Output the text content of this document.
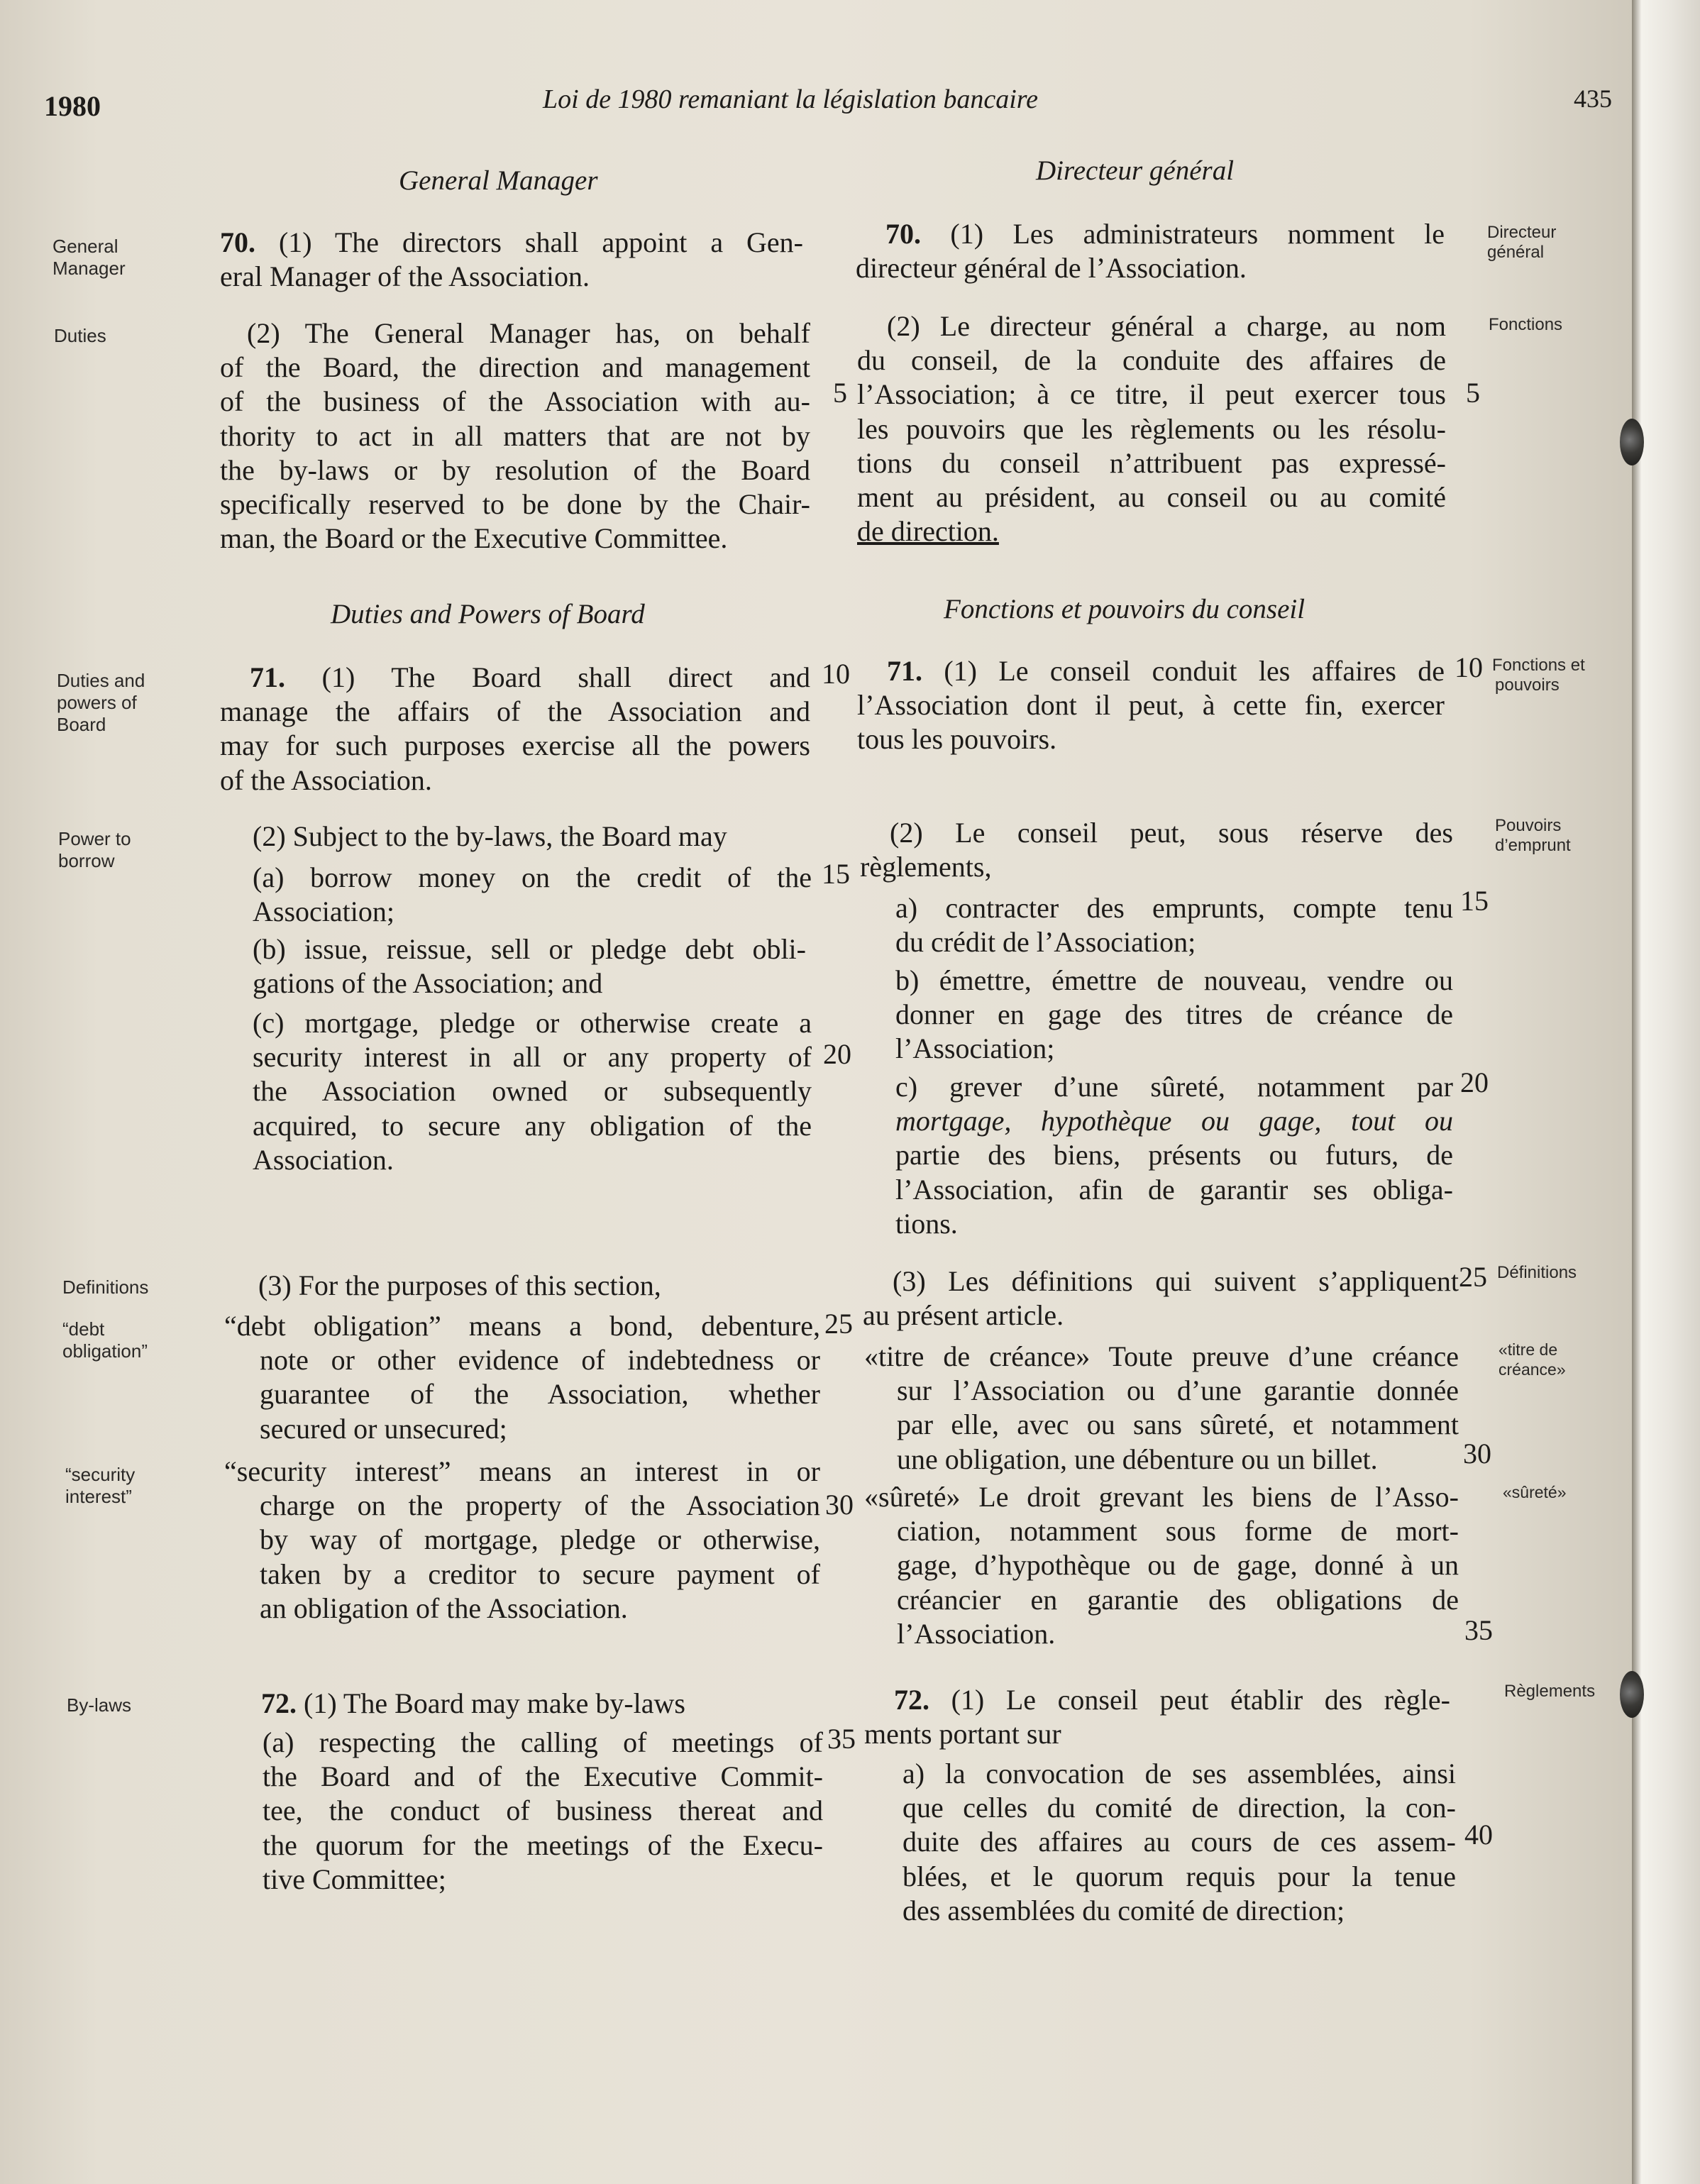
1980	Loi de 1980 remaniant la législation bancaire	435
General
Manager
Duties
Duties and
powers of
Board
Power to
borrow
Definitions
“debt
obligation”
“security
interest”
By-laws
Directeur
général
Fonctions
Fonctions et
pouvoirs
Pouvoirs
d’emprunt
Définitions
«titre de
créance»
«sûreté»
Règlements
General Manager
70. (1) The directors shall appoint a Gen-
eral Manager of the Association.
(2) The General Manager has, on behalf
of the Board, the direction and management
of the business of the Association with au-
thority to act in all matters that are not by
the by-laws or by resolution of the Board
specifically reserved to be done by the Chair-
man, the Board or the Executive Committee.
Duties and Powers of Board
71. (1) The Board shall direct and
manage the affairs of the Association and
may for such purposes exercise all the powers
of the Association.
(2) Subject to the by-laws, the Board may
(a) borrow money on the credit of the
Association;
(b) issue, reissue, sell or pledge debt obli-
gations of the Association; and
(c) mortgage, pledge or otherwise create a
security interest in all or any property of
the Association owned or subsequently
acquired, to secure any obligation of the
Association.
(3) For the purposes of this section,
“debt obligation” means a bond, debenture,
note or other evidence of indebtedness or
guarantee of the Association, whether
secured or unsecured;
“security interest” means an interest in or
charge on the property of the Association
by way of mortgage, pledge or otherwise,
taken by a creditor to secure payment of
an obligation of the Association.
72. (1) The Board may make by-laws
(a) respecting the calling of meetings of
the Board and of the Executive Commit-
tee, the conduct of business thereat and
the quorum for the meetings of the Execu-
tive Committee;
5
10
15
20
25
30
35
Directeur général
70. (1) Les administrateurs nomment le
directeur général de l’Association.
(2) Le directeur général a charge, au nom
du conseil, de la conduite des affaires de
l’Association; à ce titre, il peut exercer tous
les pouvoirs que les règlements ou les résolu-
tions du conseil n’attribuent pas expressé-
ment au président, au conseil ou au comité
de direction.
Fonctions et pouvoirs du conseil
71. (1) Le conseil conduit les affaires de
l’Association dont il peut, à cette fin, exercer
tous les pouvoirs.
(2) Le conseil peut, sous réserve des
règlements,
a) contracter des emprunts, compte tenu
du crédit de l’Association;
b) émettre, émettre de nouveau, vendre ou
donner en gage des titres de créance de
l’Association;
c) grever d’une sûreté, notamment par
mortgage, hypothèque ou gage, tout ou
partie des biens, présents ou futurs, de
l’Association, afin de garantir ses obliga-
tions.
(3) Les définitions qui suivent s’appliquent
au présent article.
«titre de créance» Toute preuve d’une créance
sur l’Association ou d’une garantie donnée
par elle, avec ou sans sûreté, et notamment
une obligation, une débenture ou un billet.
«sûreté» Le droit grevant les biens de l’Asso-
ciation, notamment sous forme de mort-
gage, d’hypothèque ou de gage, donné à un
créancier en garantie des obligations de
l’Association.
72. (1) Le conseil peut établir des règle-
ments portant sur
a) la convocation de ses assemblées, ainsi
que celles du comité de direction, la con-
duite des affaires au cours de ces assem-
blées, et le quorum requis pour la tenue
des assemblées du comité de direction;
5
10
15
20
25
30
35
40
